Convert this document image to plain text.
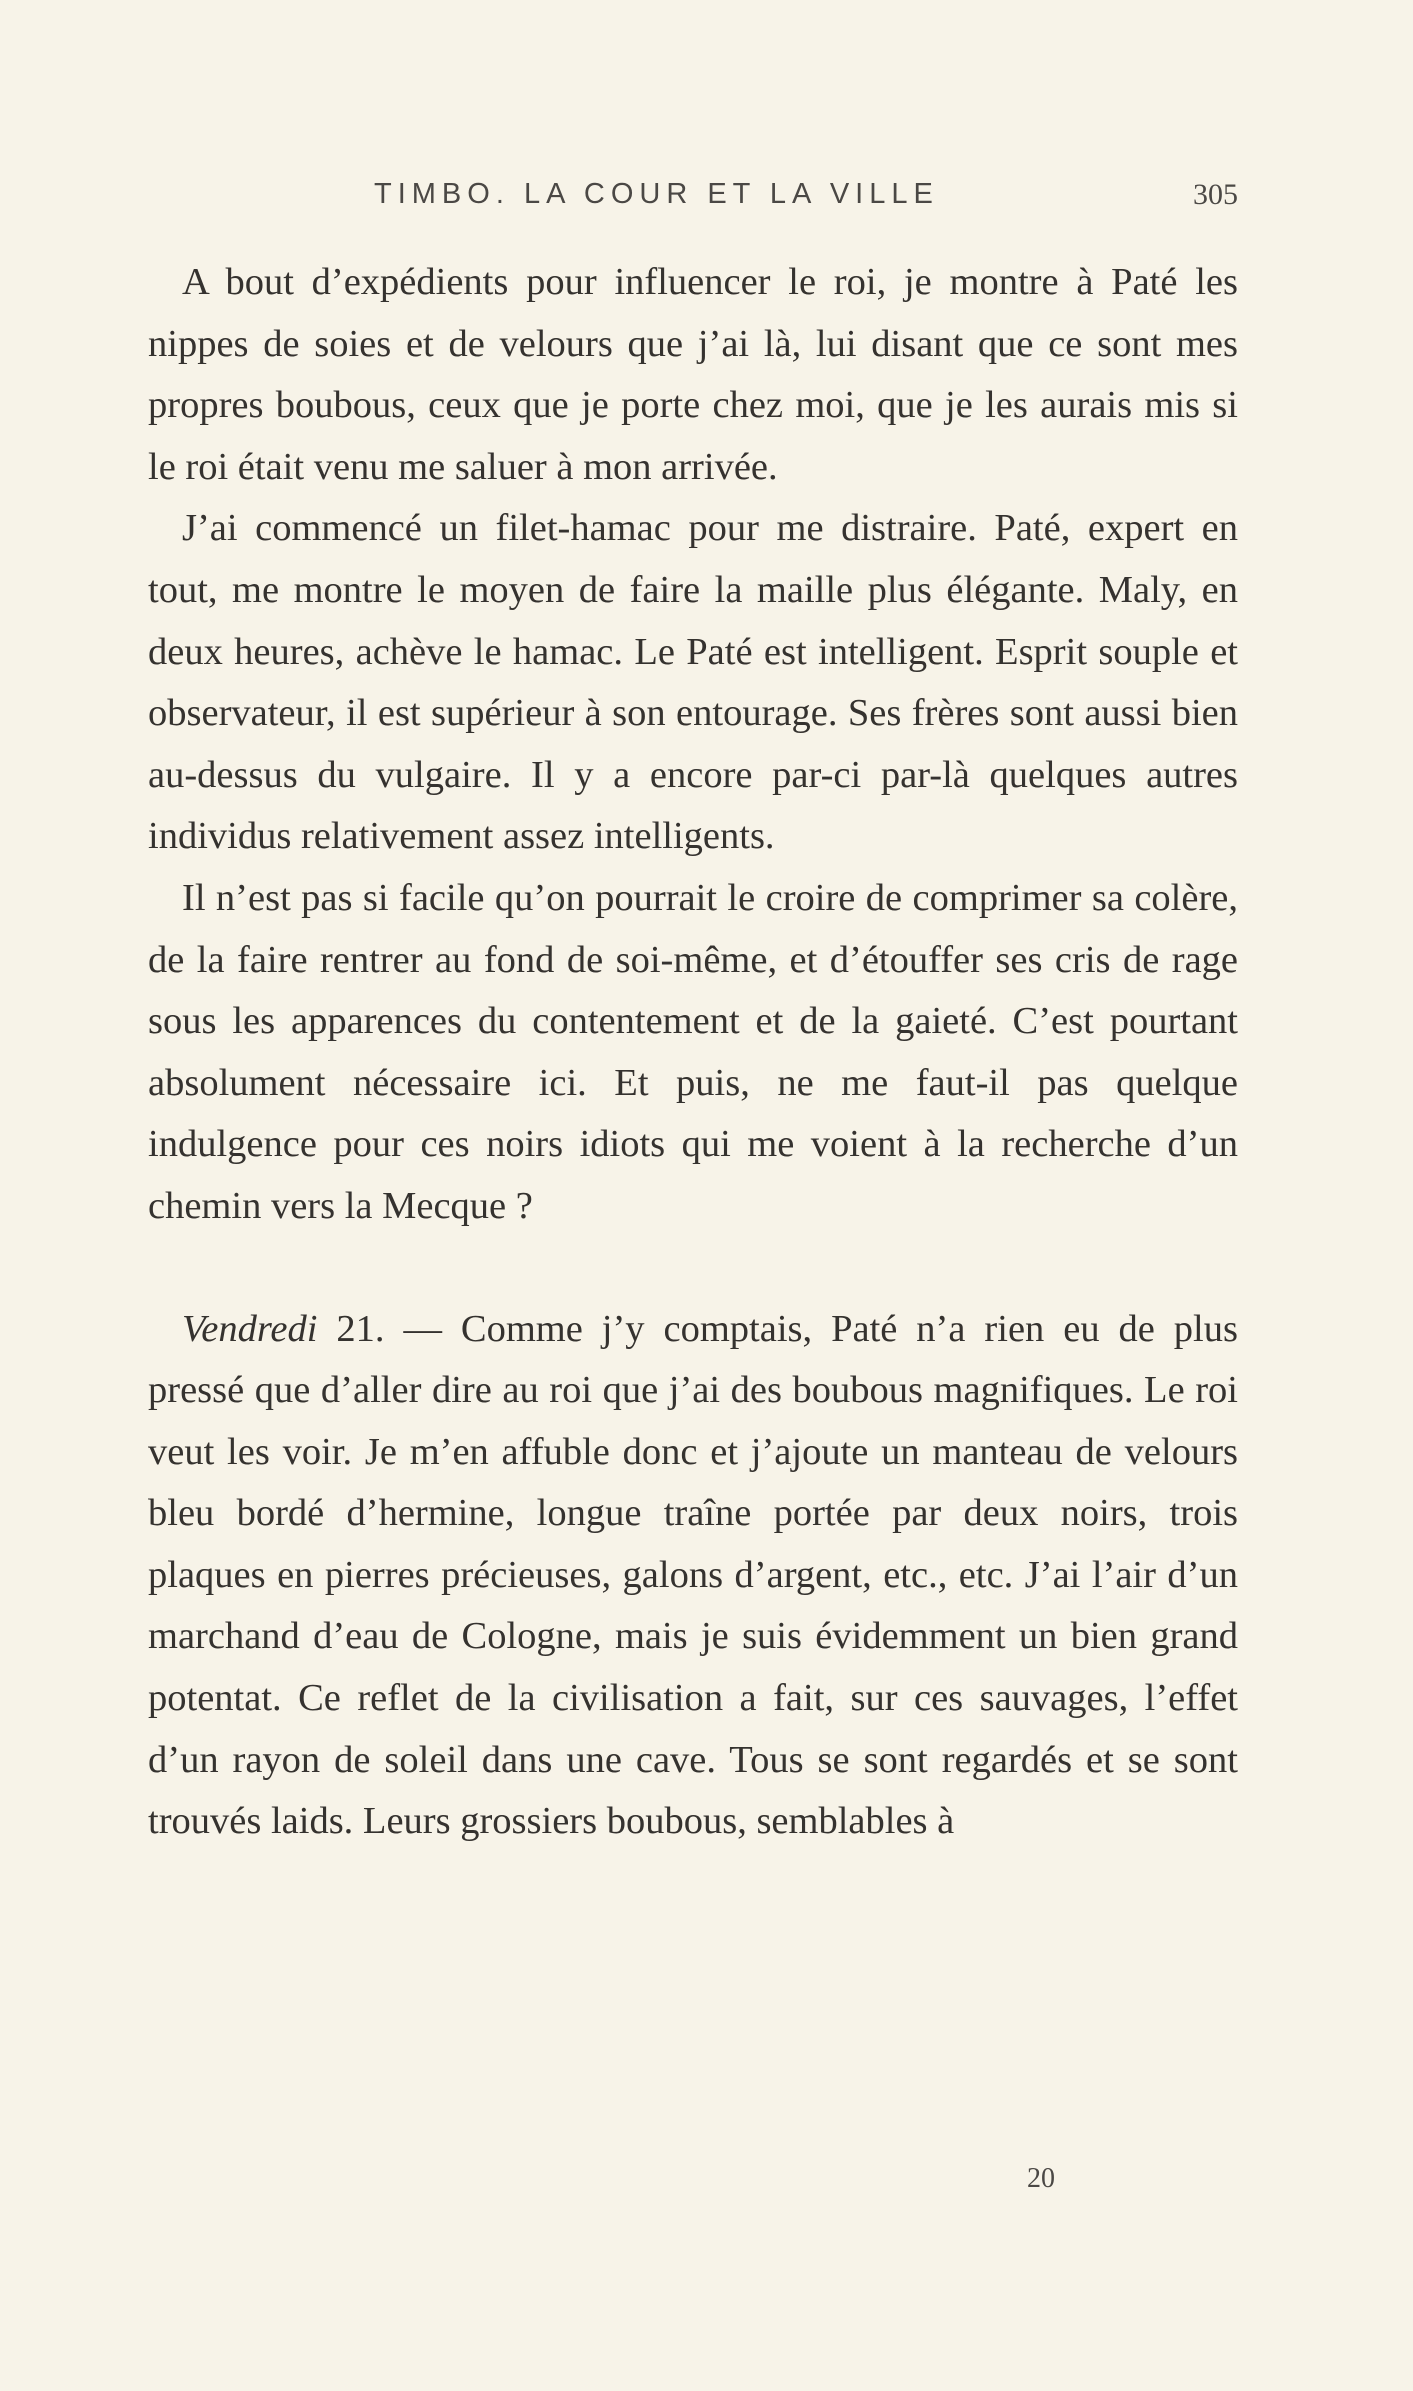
TIMBO. LA COUR ET LA VILLE	305

A bout d’expédients pour influencer le roi, je montre à Paté les nippes de soies et de velours que j’ai là, lui disant que ce sont mes propres boubous, ceux que je porte chez moi, que je les aurais mis si le roi était venu me saluer à mon arrivée.

J’ai commencé un filet-hamac pour me distraire. Paté, expert en tout, me montre le moyen de faire la maille plus élégante. Maly, en deux heures, achève le hamac. Le Paté est intelligent. Esprit souple et observateur, il est supérieur à son entourage. Ses frères sont aussi bien au-dessus du vulgaire. Il y a encore par-ci par-là quelques autres individus relativement assez intelligents.

Il n’est pas si facile qu’on pourrait le croire de comprimer sa colère, de la faire rentrer au fond de soi-même, et d’étouffer ses cris de rage sous les apparences du contentement et de la gaieté. C’est pourtant absolument nécessaire ici. Et puis, ne me faut-il pas quelque indulgence pour ces noirs idiots qui me voient à la recherche d’un chemin vers la Mecque ?

Vendredi 21. — Comme j’y comptais, Paté n’a rien eu de plus pressé que d’aller dire au roi que j’ai des boubous magnifiques. Le roi veut les voir. Je m’en affuble donc et j’ajoute un manteau de velours bleu bordé d’hermine, longue traîne portée par deux noirs, trois plaques en pierres précieuses, galons d’argent, etc., etc. J’ai l’air d’un marchand d’eau de Cologne, mais je suis évidemment un bien grand potentat. Ce reflet de la civilisation a fait, sur ces sauvages, l’effet d’un rayon de soleil dans une cave. Tous se sont regardés et se sont trouvés laids. Leurs grossiers boubous, semblables à

20
